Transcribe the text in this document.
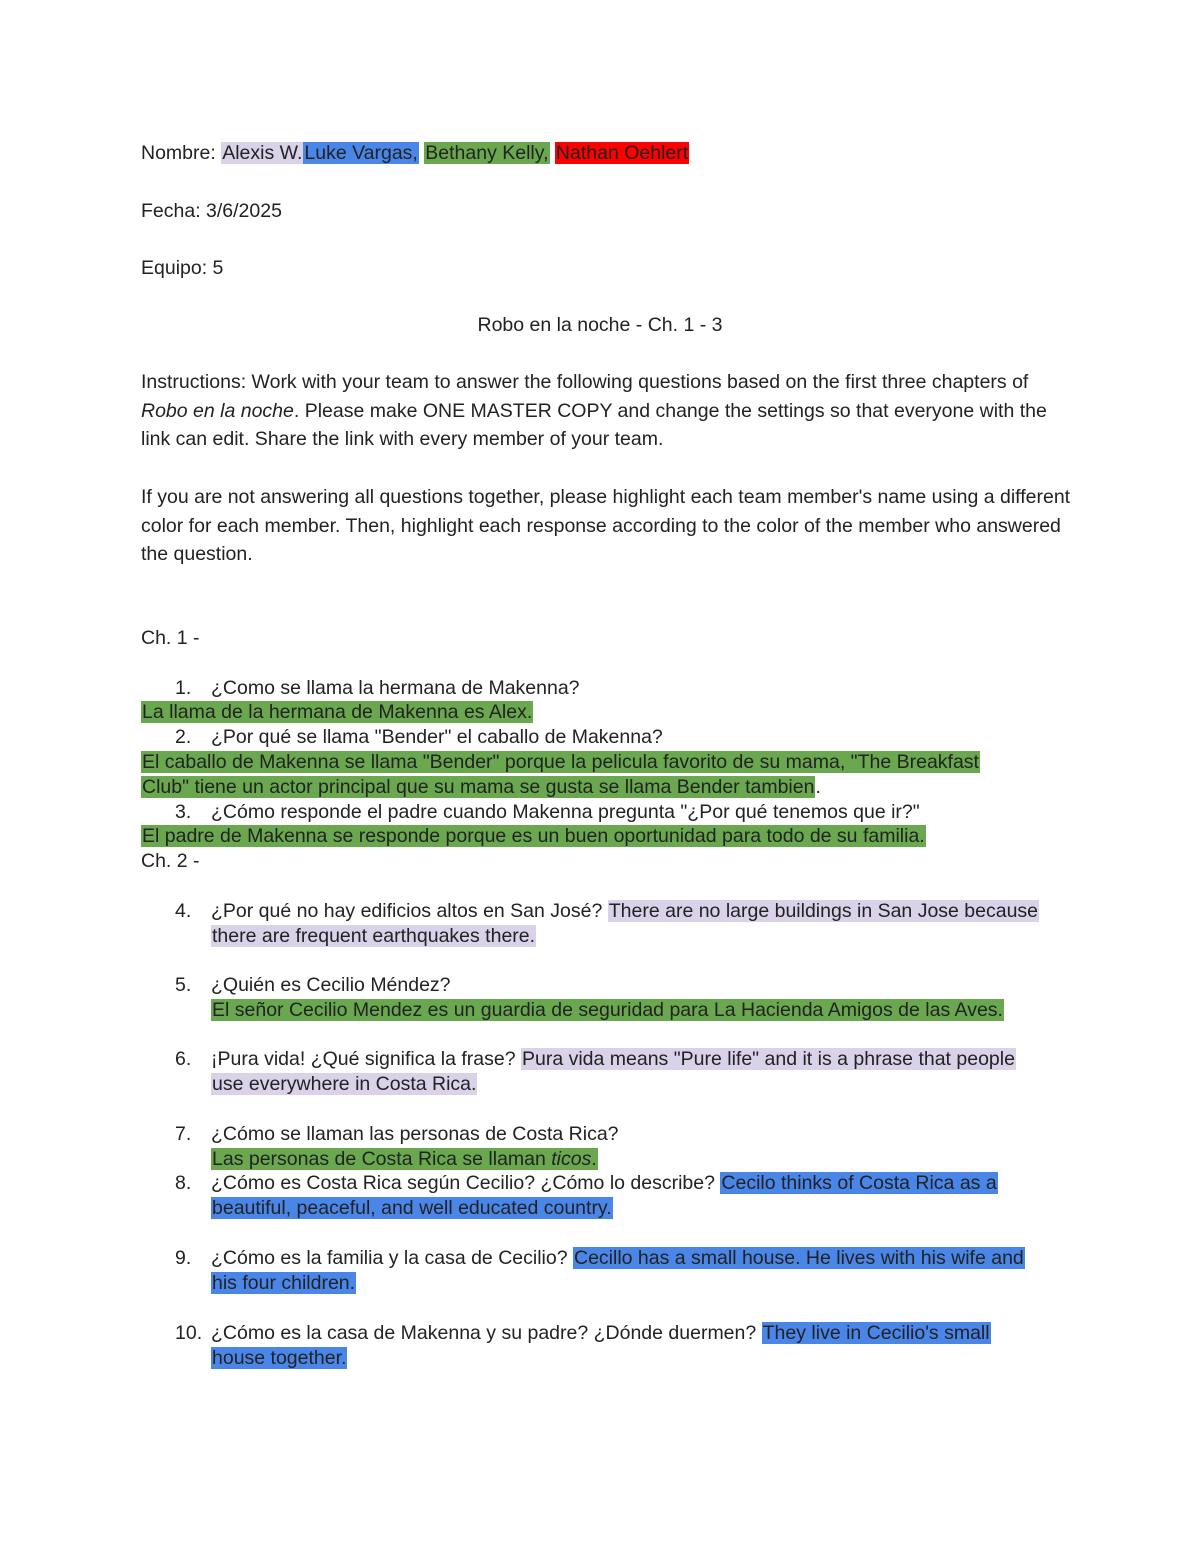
Nombre: Alexis W. Luke Vargas, Bethany Kelly, Nathan Oehlert
Fecha: 3/6/2025
Equipo: 5
Robo en la noche - Ch. 1 - 3
Instructions: Work with your team to answer the following questions based on the first three chapters of Robo en la noche. Please make ONE MASTER COPY and change the settings so that everyone with the link can edit. Share the link with every member of your team.
If you are not answering all questions together, please highlight each team member's name using a different color for each member. Then, highlight each response according to the color of the member who answered the question.
Ch. 1 -
1. ¿Como se llama la hermana de Makenna?
La llama de la hermana de Makenna es Alex.
2. ¿Por qué se llama "Bender" el caballo de Makenna?
El caballo de Makenna se llama "Bender" porque la pelicula favorito de su mama, "The Breakfast Club" tiene un actor principal que su mama se gusta se llama Bender tambien.
3. ¿Cómo responde el padre cuando Makenna pregunta "¿Por qué tenemos que ir?"
El padre de Makenna se responde porque es un buen oportunidad para todo de su familia.
Ch. 2 -
4.	¿Por qué no hay edificios altos en San José? There are no large buildings in San Jose because there are frequent earthquakes there.
5.	¿Quién es Cecilio Méndez?
El señor Cecilio Mendez es un guardia de seguridad para La Hacienda Amigos de las Aves.
6.	¡Pura vida! ¿Qué significa la frase? Pura vida means "Pure life" and it is a phrase that people use everywhere in Costa Rica.
7.	¿Cómo se llaman las personas de Costa Rica?
Las personas de Costa Rica se llaman ticos.
8.	¿Cómo es Costa Rica según Cecilio? ¿Cómo lo describe? Cecilo thinks of Costa Rica as a beautiful, peaceful, and well educated country.
9.	¿Cómo es la familia y la casa de Cecilio? Cecillo has a small house. He lives with his wife and his four children.
10. ¿Cómo es la casa de Makenna y su padre? ¿Dónde duermen? They live in Cecilio's small house together.
